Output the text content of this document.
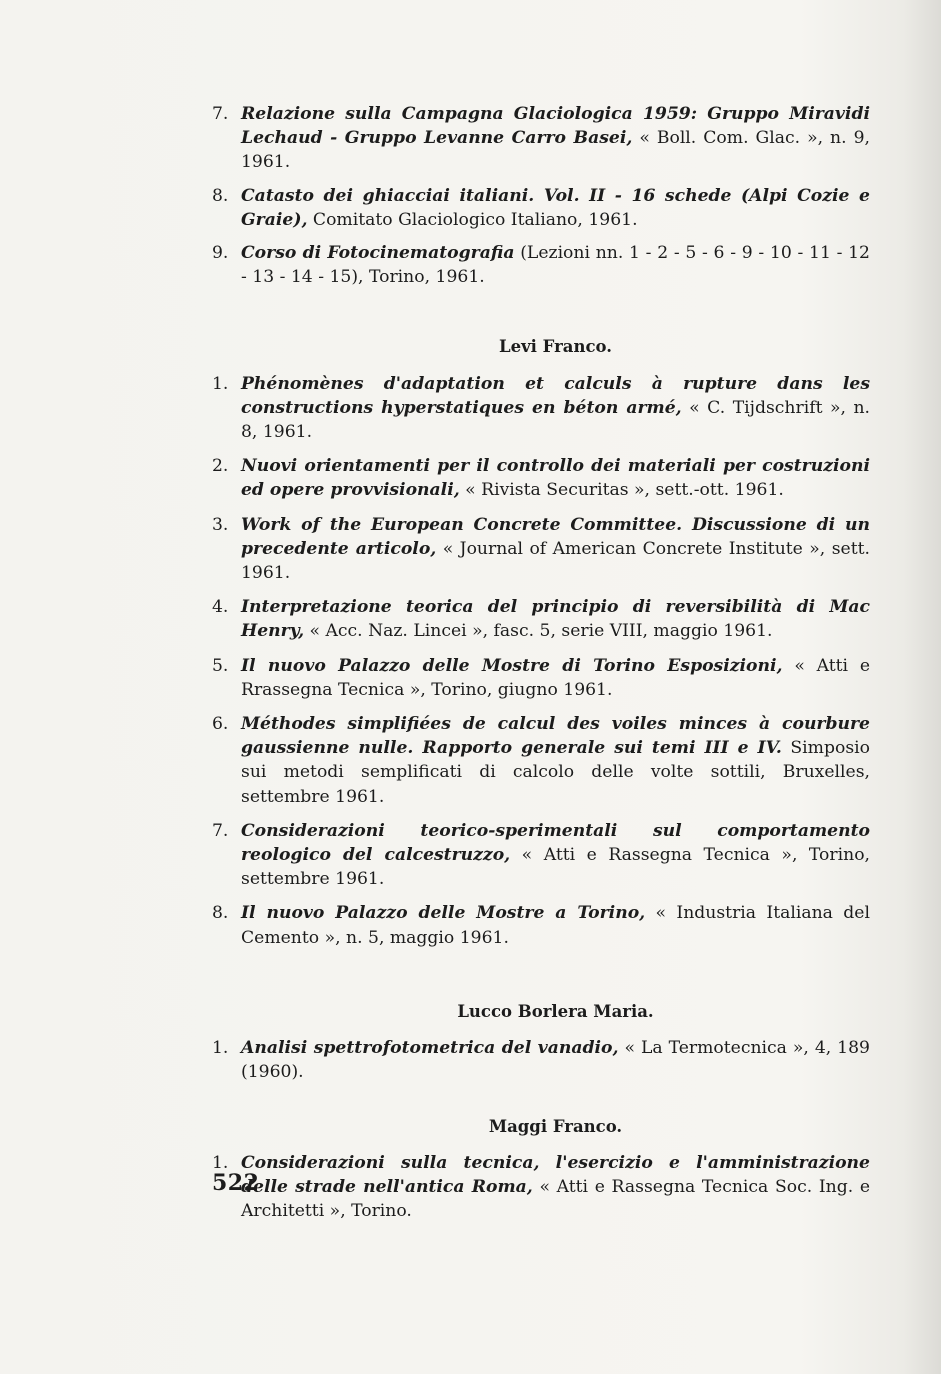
7. Relazione sulla Campagna Glaciologica 1959: Gruppo Miravidi Lechaud - Gruppo Levanne Carro Basei, « Boll. Com. Glac. », n. 9, 1961.
8. Catasto dei ghiacciai italiani. Vol. II - 16 schede (Alpi Cozie e Graie), Comitato Glaciologico Italiano, 1961.
9. Corso di Fotocinematografia (Lezioni nn. 1 - 2 - 5 - 6 - 9 - 10 - 11 - 12 - 13 - 14 - 15), Torino, 1961.
Levi Franco.
1. Phénomènes d'adaptation et calculs à rupture dans les constructions hyperstatiques en béton armé, « C. Tijdschrift », n. 8, 1961.
2. Nuovi orientamenti per il controllo dei materiali per costruzioni ed opere provvisionali, « Rivista Securitas », sett.-ott. 1961.
3. Work of the European Concrete Committee. Discussione di un precedente articolo, « Journal of American Concrete Institute », sett. 1961.
4. Interpretazione teorica del principio di reversibilità di Mac Henry, « Acc. Naz. Lincei », fasc. 5, serie VIII, maggio 1961.
5. Il nuovo Palazzo delle Mostre di Torino Esposizioni, « Atti e Rrassegna Tecnica », Torino, giugno 1961.
6. Méthodes simplifiées de calcul des voiles minces à courbure gaussienne nulle. Rapporto generale sui temi III e IV. Simposio sui metodi semplificati di calcolo delle volte sottili, Bruxelles, settembre 1961.
7. Considerazioni teorico-sperimentali sul comportamento reologico del calcestruzzo, « Atti e Rassegna Tecnica », Torino, settembre 1961.
8. Il nuovo Palazzo delle Mostre a Torino, « Industria Italiana del Cemento », n. 5, maggio 1961.
Lucco Borlera Maria.
1. Analisi spettrofotometrica del vanadio, « La Termotecnica », 4, 189 (1960).
Maggi Franco.
1. Considerazioni sulla tecnica, l'esercizio e l'amministrazione delle strade nell'antica Roma, « Atti e Rassegna Tecnica Soc. Ing. e Architetti », Torino.
522
